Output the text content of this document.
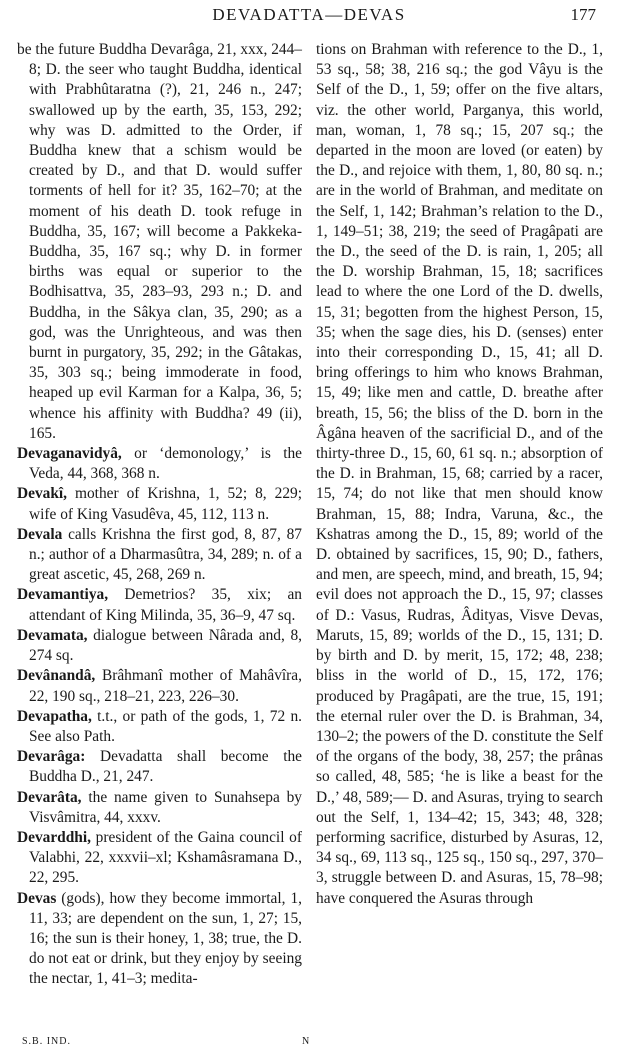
DEVADATTA—DEVAS	177

be the future Buddha Devarâga, 21, xxx, 244–8; D. the seer who taught Buddha, identical with Prabhûtaratna (?), 21, 246 n., 247; swallowed up by the earth, 35, 153, 292; why was D. admitted to the Order, if Buddha knew that a schism would be created by D., and that D. would suffer torments of hell for it? 35, 162–70; at the moment of his death D. took refuge in Buddha, 35, 167; will become a Pakkeka-Buddha, 35, 167 sq.; why D. in former births was equal or superior to the Bodhisattva, 35, 283–93, 293 n.; D. and Buddha, in the Sâkya clan, 35, 290; as a god, was the Unrighteous, and was then burnt in purgatory, 35, 292; in the Gâtakas, 35, 303 sq.; being immoderate in food, heaped up evil Karman for a Kalpa, 36, 5; whence his affinity with Buddha? 49 (ii), 165.

Devaganavidyâ, or ‘demonology,’ is the Veda, 44, 368, 368 n.

Devakî, mother of Krishna, 1, 52; 8, 229; wife of King Vasudêva, 45, 112, 113 n.

Devala calls Krishna the first god, 8, 87, 87 n.; author of a Dharmasûtra, 34, 289; n. of a great ascetic, 45, 268, 269 n.

Devamantiya, Demetrios? 35, xix; an attendant of King Milinda, 35, 36–9, 47 sq.

Devamata, dialogue between Nârada and, 8, 274 sq.

Devânandâ, Brâhmanî mother of Mahâvîra, 22, 190 sq., 218–21, 223, 226–30.

Devapatha, t.t., or path of the gods, 1, 72 n. See also Path.

Devarâga: Devadatta shall become the Buddha D., 21, 247.

Devarâta, the name given to Sunahsepa by Visvâmitra, 44, xxxv.

Devarddhi, president of the Gaina council of Valabhi, 22, xxxvii–xl; Kshamâsramana D., 22, 295.

Devas (gods), how they become immortal, 1, 11, 33; are dependent on the sun, 1, 27; 15, 16; the sun is their honey, 1, 38; true, the D. do not eat or drink, but they enjoy by seeing the nectar, 1, 41–3; medita-

tions on Brahman with reference to the D., 1, 53 sq., 58; 38, 216 sq.; the god Vâyu is the Self of the D., 1, 59; offer on the five altars, viz. the other world, Parganya, this world, man, woman, 1, 78 sq.; 15, 207 sq.; the departed in the moon are loved (or eaten) by the D., and rejoice with them, 1, 80, 80 sq. n.; are in the world of Brahman, and meditate on the Self, 1, 142; Brahman’s relation to the D., 1, 149–51; 38, 219; the seed of Pragâpati are the D., the seed of the D. is rain, 1, 205; all the D. worship Brahman, 15, 18; sacrifices lead to where the one Lord of the D. dwells, 15, 31; begotten from the highest Person, 15, 35; when the sage dies, his D. (senses) enter into their corresponding D., 15, 41; all D. bring offerings to him who knows Brahman, 15, 49; like men and cattle, D. breathe after breath, 15, 56; the bliss of the D. born in the Âgâna heaven of the sacrificial D., and of the thirty-three D., 15, 60, 61 sq. n.; absorption of the D. in Brahman, 15, 68; carried by a racer, 15, 74; do not like that men should know Brahman, 15, 88; Indra, Varuna, &c., the Kshatras among the D., 15, 89; world of the D. obtained by sacrifices, 15, 90; D., fathers, and men, are speech, mind, and breath, 15, 94; evil does not approach the D., 15, 97; classes of D.: Vasus, Rudras, Âdityas, Visve Devas, Maruts, 15, 89; worlds of the D., 15, 131; D. by birth and D. by merit, 15, 172; 48, 238; bliss in the world of D., 15, 172, 176; produced by Pragâpati, are the true, 15, 191; the eternal ruler over the D. is Brahman, 34, 130–2; the powers of the D. constitute the Self of the organs of the body, 38, 257; the prânas so called, 48, 585; ‘he is like a beast for the D.,’ 48, 589;— D. and Asuras, trying to search out the Self, 1, 134–42; 15, 343; 48, 328; performing sacrifice, disturbed by Asuras, 12, 34 sq., 69, 113 sq., 125 sq., 150 sq., 297, 370–3, struggle between D. and Asuras, 15, 78–98; have conquered the Asuras through

S.B. IND.	N
